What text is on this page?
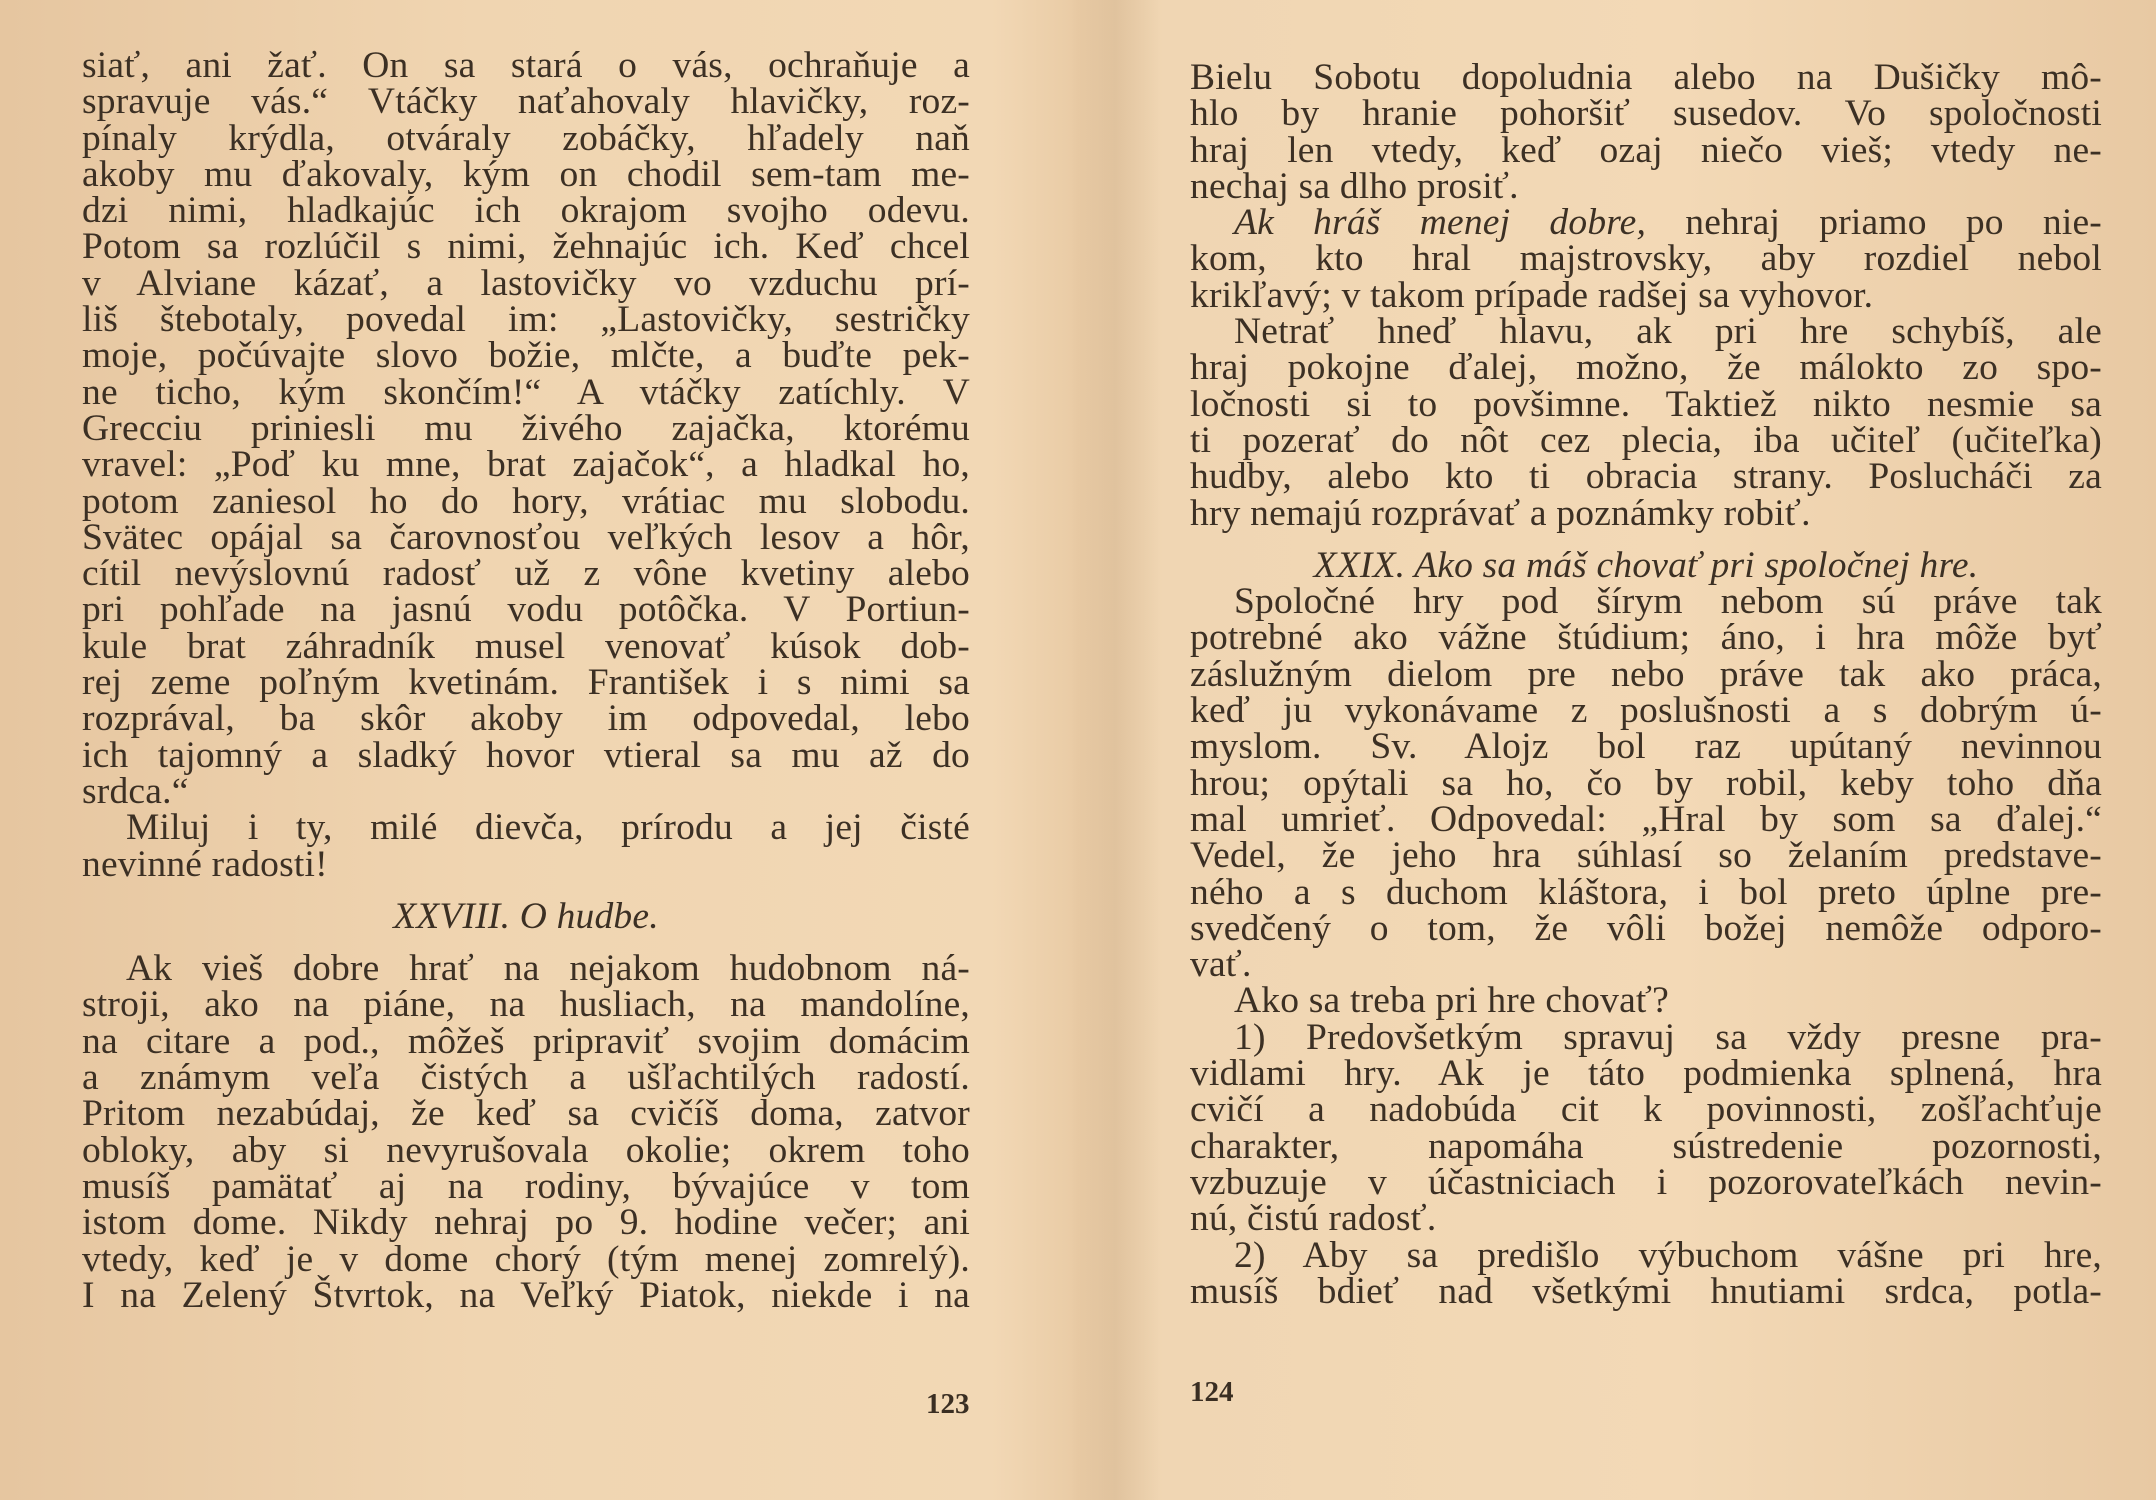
siať, ani žať. On sa stará o vás, ochraňuje a
spravuje vás.“ Vtáčky naťahovaly hlavičky, roz-
pínaly krýdla, otváraly zobáčky, hľadely naň
akoby mu ďakovaly, kým on chodil sem-tam me-
dzi nimi, hladkajúc ich okrajom svojho odevu.
Potom sa rozlúčil s nimi, žehnajúc ich. Keď chcel
v Alviane kázať, a lastovičky vo vzduchu prí-
liš štebotaly, povedal im: „Lastovičky, sestričky
moje, počúvajte slovo božie, mlčte, a buďte pek-
ne ticho, kým skončím!“ A vtáčky zatíchly. V
Grecciu priniesli mu živého zajačka, ktorému
vravel: „Poď ku mne, brat zajačok“, a hladkal ho,
potom zaniesol ho do hory, vrátiac mu slobodu.
Svätec opájal sa čarovnosťou veľkých lesov a hôr,
cítil nevýslovnú radosť už z vône kvetiny alebo
pri pohľade na jasnú vodu potôčka. V Portiun-
kule brat záhradník musel venovať kúsok dob-
rej zeme poľným kvetinám. František i s nimi sa
rozprával, ba skôr akoby im odpovedal, lebo
ich tajomný a sladký hovor vtieral sa mu až do
srdca.“
Miluj i ty, milé dievča, prírodu a jej čisté
nevinné radosti!
XXVIII. O hudbe.
Ak vieš dobre hrať na nejakom hudobnom ná-
stroji, ako na piáne, na husliach, na mandolíne,
na citare a pod., môžeš pripraviť svojim domácim
a známym veľa čistých a ušľachtilých radostí.
Pritom nezabúdaj, že keď sa cvičíš doma, zatvor
obloky, aby si nevyrušovala okolie; okrem toho
musíš pamätať aj na rodiny, bývajúce v tom
istom dome. Nikdy nehraj po 9. hodine večer; ani
vtedy, keď je v dome chorý (tým menej zomrelý).
I na Zelený Štvrtok, na Veľký Piatok, niekde i na
123
Bielu Sobotu dopoludnia alebo na Dušičky mô-
hlo by hranie pohoršiť susedov. Vo spoločnosti
hraj len vtedy, keď ozaj niečo vieš; vtedy ne-
nechaj sa dlho prosiť.
Ak hráš menej dobre, nehraj priamo po nie-
kom, kto hral majstrovsky, aby rozdiel nebol
krikľavý; v takom prípade radšej sa vyhovor.
Netrať hneď hlavu, ak pri hre schybíš, ale
hraj pokojne ďalej, možno, že málokto zo spo-
ločnosti si to povšimne. Taktiež nikto nesmie sa
ti pozerať do nôt cez plecia, iba učiteľ (učiteľka)
hudby, alebo kto ti obracia strany. Poslucháči za
hry nemajú rozprávať a poznámky robiť.
XXIX. Ako sa máš chovať pri spoločnej hre.
Spoločné hry pod šírym nebom sú práve tak
potrebné ako vážne štúdium; áno, i hra môže byť
záslužným dielom pre nebo práve tak ako práca,
keď ju vykonávame z poslušnosti a s dobrým ú-
myslom. Sv. Alojz bol raz upútaný nevinnou
hrou; opýtali sa ho, čo by robil, keby toho dňa
mal umrieť. Odpovedal: „Hral by som sa ďalej.“
Vedel, že jeho hra súhlasí so želaním predstave-
ného a s duchom kláštora, i bol preto úplne pre-
svedčený o tom, že vôli božej nemôže odporo-
vať.
Ako sa treba pri hre chovať?
1) Predovšetkým spravuj sa vždy presne pra-
vidlami hry. Ak je táto podmienka splnená, hra
cvičí a nadobúda cit k povinnosti, zošľachťuje
charakter, napomáha sústredenie pozornosti,
vzbuzuje v účastniciach i pozorovateľkách nevin-
nú, čistú radosť.
2) Aby sa predišlo výbuchom vášne pri hre,
musíš bdieť nad všetkými hnutiami srdca, potla-
124
